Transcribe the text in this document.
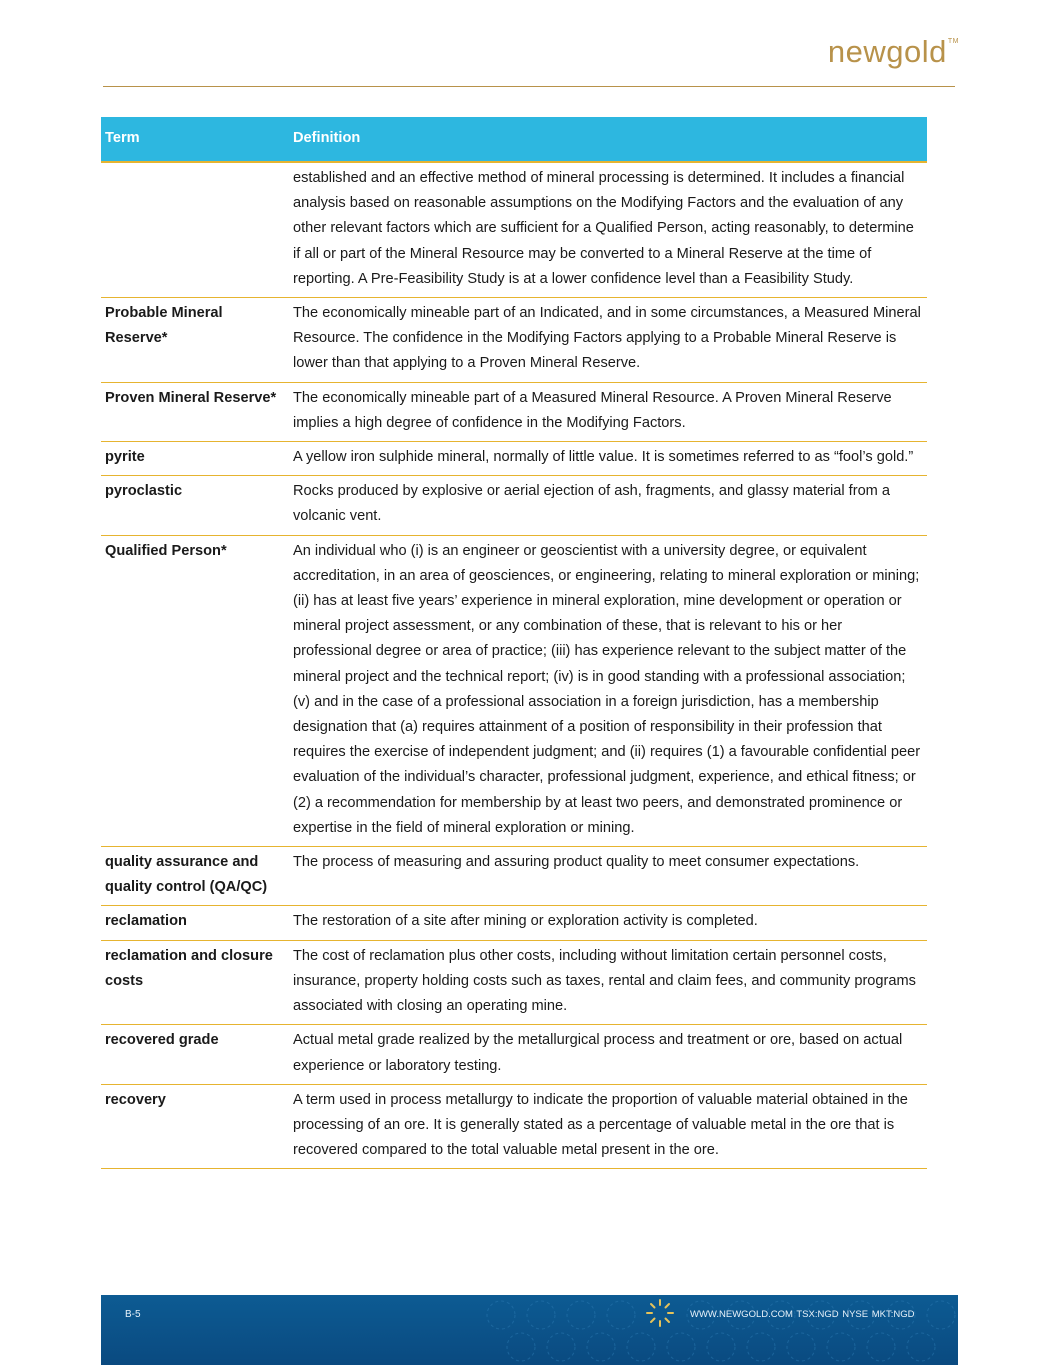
newgold™
Term	Definition
	established and an effective method of mineral processing is determined. It includes a financial analysis based on reasonable assumptions on the Modifying Factors and the evaluation of any other relevant factors which are sufficient for a Qualified Person, acting reasonably, to determine if all or part of the Mineral Resource may be converted to a Mineral Reserve at the time of reporting. A Pre-Feasibility Study is at a lower confidence level than a Feasibility Study.
Probable Mineral Reserve*	The economically mineable part of an Indicated, and in some circumstances, a Measured Mineral Resource. The confidence in the Modifying Factors applying to a Probable Mineral Reserve is lower than that applying to a Proven Mineral Reserve.
Proven Mineral Reserve*	The economically mineable part of a Measured Mineral Resource. A Proven Mineral Reserve implies a high degree of confidence in the Modifying Factors.
pyrite	A yellow iron sulphide mineral, normally of little value. It is sometimes referred to as “fool’s gold.”
pyroclastic	Rocks produced by explosive or aerial ejection of ash, fragments, and glassy material from a volcanic vent.
Qualified Person*	An individual who (i) is an engineer or geoscientist with a university degree, or equivalent accreditation, in an area of geosciences, or engineering, relating to mineral exploration or mining; (ii) has at least five years’ experience in mineral exploration, mine development or operation or mineral project assessment, or any combination of these, that is relevant to his or her professional degree or area of practice; (iii) has experience relevant to the subject matter of the mineral project and the technical report; (iv) is in good standing with a professional association; (v) and in the case of a professional association in a foreign jurisdiction, has a membership designation that (a) requires attainment of a position of responsibility in their profession that requires the exercise of independent judgment; and (ii) requires (1) a favourable confidential peer evaluation of the individual’s character, professional judgment, experience, and ethical fitness; or (2) a recommendation for membership by at least two peers, and demonstrated prominence or expertise in the field of mineral exploration or mining.
quality assurance and quality control (QA/QC)	The process of measuring and assuring product quality to meet consumer expectations.
reclamation	The restoration of a site after mining or exploration activity is completed.
reclamation and closure costs	The cost of reclamation plus other costs, including without limitation certain personnel costs, insurance, property holding costs such as taxes, rental and claim fees, and community programs associated with closing an operating mine.
recovered grade	Actual metal grade realized by the metallurgical process and treatment or ore, based on actual experience or laboratory testing.
recovery	A term used in process metallurgy to indicate the proportion of valuable material obtained in the processing of an ore. It is generally stated as a percentage of valuable metal in the ore that is recovered compared to the total valuable metal present in the ore.
B-5	WWW.NEWGOLD.COM TSX:NGD NYSE MKT:NGD
